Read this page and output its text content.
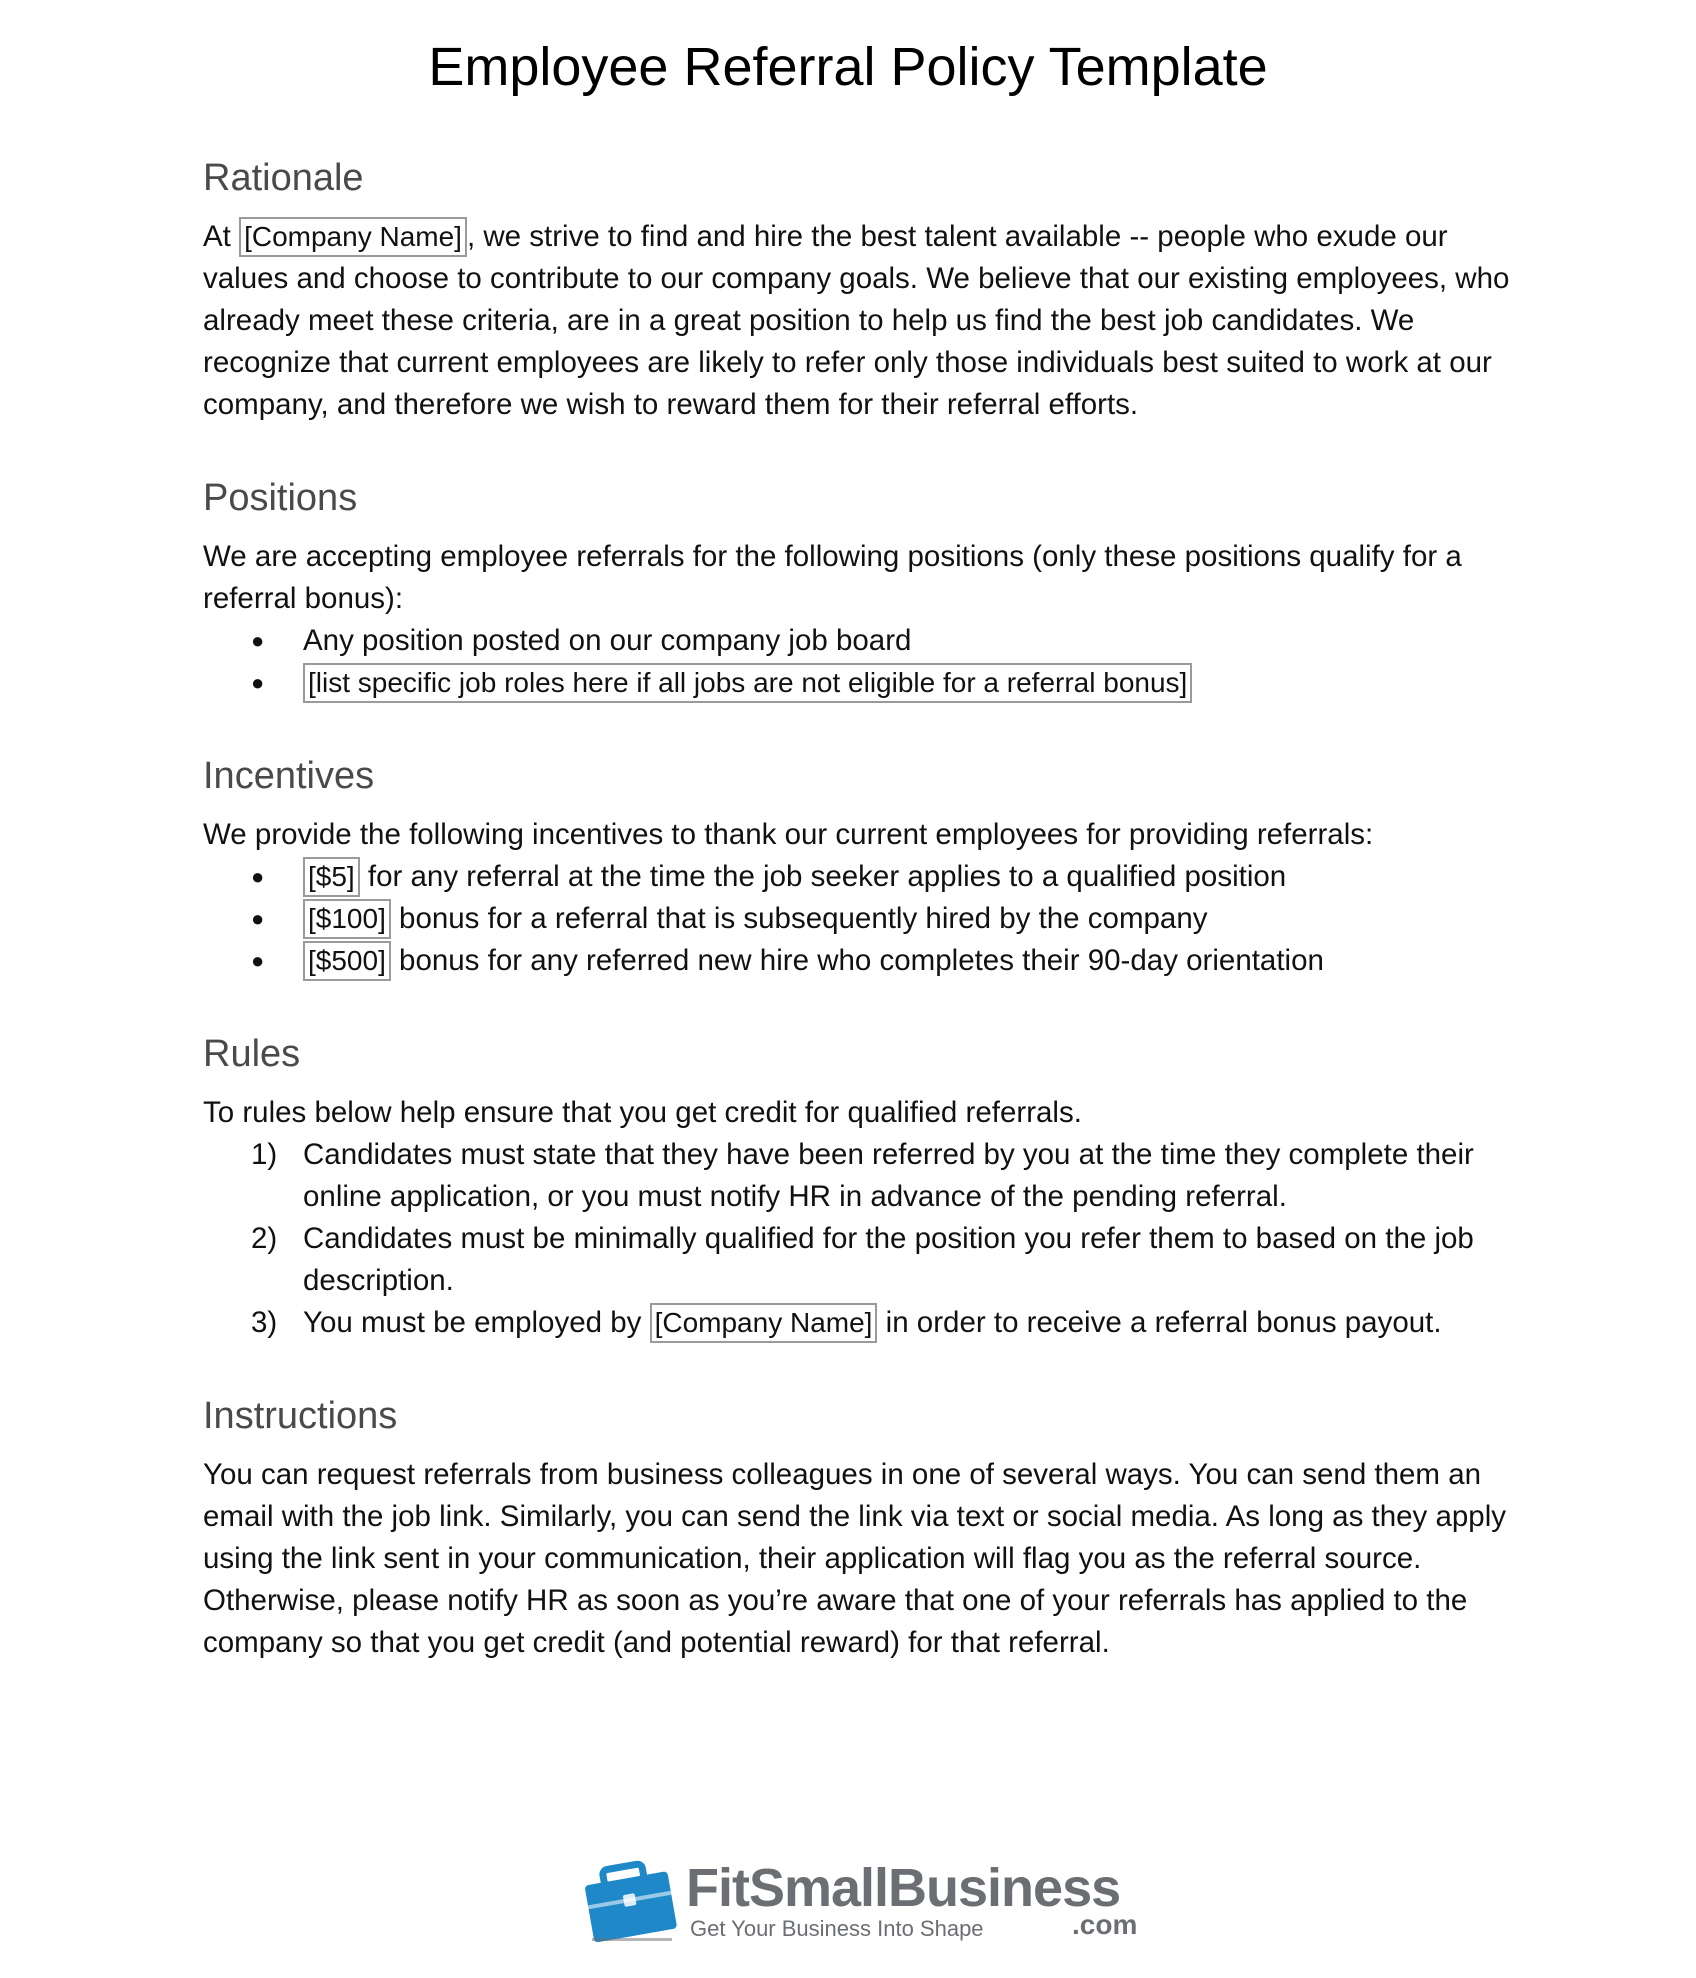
Employee Referral Policy Template
Rationale

At [Company Name] , we strive to find and hire the best talent available -- people who exude our values and choose to contribute to our company goals. We believe that our existing employees, who already meet these criteria, are in a great position to help us find the best job candidates. We recognize that current employees are likely to refer only those individuals best suited to work at our company, and therefore we wish to reward them for their referral efforts.

Positions

We are accepting employee referrals for the following positions (only these positions qualify for a referral bonus):

● Any position posted on our company job board
● [list specific job roles here if all jobs are not eligible for a referral bonus]
Incentives

We provide the following incentives to thank our current employees for providing referrals:

● [$5] for any referral at the time the job seeker applies to a qualified position
● [$100] bonus for a referral that is subsequently hired by the company
● [$500] bonus for any referred new hire who completes their 90-day orientation
Rules

To rules below help ensure that you get credit for qualified referrals.

1) Candidates must state that they have been referred by you at the time they complete their online application, or you must notify HR in advance of the pending referral.
2) Candidates must be minimally qualified for the position you refer them to based on the job description.
3) You must be employed by [Company Name] in order to receive a referral bonus payout.
Instructions

You can request referrals from business colleagues in one of several ways. You can send them an email with the job link. Similarly, you can send the link via text or social media. As long as they apply using the link sent in your communication, their application will flag you as the referral source. Otherwise, please notify HR as soon as you’re aware that one of your referrals has applied to the company so that you get credit (and potential reward) for that referral.

FitSmallBusiness
Get Your Business Into Shape	.com
